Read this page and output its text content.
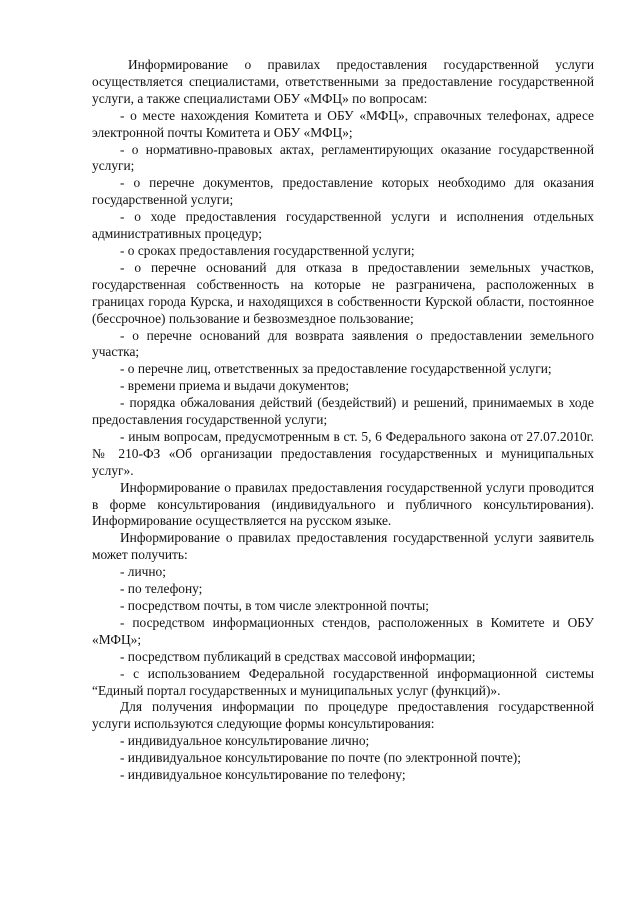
Информирование о правилах предоставления государственной услуги осуществляется специалистами, ответственными за предоставление государственной услуги, а также специалистами ОБУ «МФЦ» по вопросам:

- о месте нахождения Комитета и ОБУ «МФЦ», справочных телефонах, адресе электронной почты Комитета и ОБУ «МФЦ»;

- о нормативно-правовых актах, регламентирующих оказание государственной услуги;

- о перечне документов, предоставление которых необходимо для оказания государственной услуги;

- о ходе предоставления государственной услуги и исполнения отдельных административных процедур;

- о сроках предоставления государственной услуги;

- о перечне оснований для отказа в предоставлении земельных участков, государственная собственность на которые не разграничена, расположенных в границах города Курска, и находящихся в собственности Курской области, постоянное (бессрочное) пользование и безвозмездное пользование;

- о перечне оснований для возврата заявления о предоставлении земельного участка;

- о перечне лиц, ответственных за предоставление государственной услуги;

- времени приема и выдачи документов;

- порядка обжалования действий (бездействий) и решений, принимаемых в ходе предоставления государственной услуги;

- иным вопросам, предусмотренным в ст. 5, 6 Федерального закона от 27.07.2010г. № 210-ФЗ «Об организации предоставления государственных и муниципальных услуг».

Информирование о правилах предоставления государственной услуги проводится в форме консультирования (индивидуального и публичного консультирования). Информирование осуществляется на русском языке.

Информирование о правилах предоставления государственной услуги заявитель может получить:

- лично;

- по телефону;

- посредством почты, в том числе электронной почты;

- посредством информационных стендов, расположенных в Комитете и ОБУ «МФЦ»;

- посредством публикаций в средствах массовой информации;

- с использованием Федеральной государственной информационной системы “Единый портал государственных и муниципальных услуг (функций)».

Для получения информации по процедуре предоставления государственной услуги используются следующие формы консультирования:

- индивидуальное консультирование лично;

- индивидуальное консультирование по почте (по электронной почте);

- индивидуальное консультирование по телефону;
